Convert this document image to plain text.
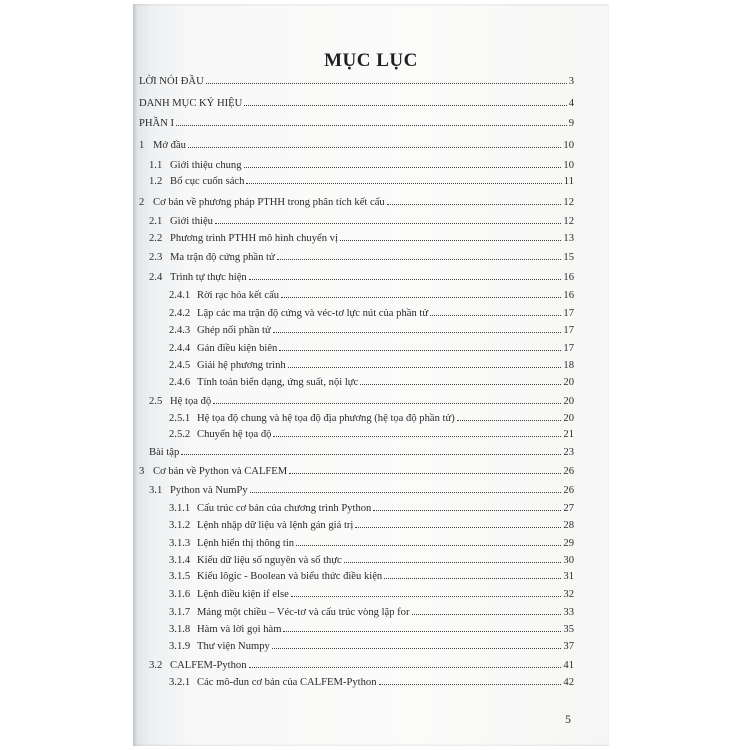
MỤC LỤC
LỜI NÓI ĐẦU	3
DANH MỤC KÝ HIỆU	4
PHẦN I	9
1 Mở đầu	10
1.1 Giới thiệu chung	10
1.2 Bố cục cuốn sách	11
2 Cơ bản về phương pháp PTHH trong phân tích kết cấu	12
2.1 Giới thiệu	12
2.2 Phương trình PTHH mô hình chuyển vị	13
2.3 Ma trận độ cứng phần tử	15
2.4 Trình tự thực hiện	16
2.4.1 Rời rạc hóa kết cấu	16
2.4.2 Lập các ma trận độ cứng và véc-tơ lực nút của phần tử	17
2.4.3 Ghép nối phần tử	17
2.4.4 Gán điều kiện biên	17
2.4.5 Giải hệ phương trình	18
2.4.6 Tính toán biến dạng, ứng suất, nội lực	20
2.5 Hệ tọa độ	20
2.5.1 Hệ tọa độ chung và hệ tọa độ địa phương (hệ tọa độ phần tử)	20
2.5.2 Chuyển hệ tọa độ	21
Bài tập	23
3 Cơ bản về Python và CALFEM	26
3.1 Python và NumPy	26
3.1.1 Cấu trúc cơ bản của chương trình Python	27
3.1.2 Lệnh nhập dữ liệu và lệnh gán giá trị	28
3.1.3 Lệnh hiển thị thông tin	29
3.1.4 Kiểu dữ liệu số nguyên và số thực	30
3.1.5 Kiểu lôgic - Boolean và biểu thức điều kiện	31
3.1.6 Lệnh điều kiện if else	32
3.1.7 Mảng một chiều – Véc-tơ và cấu trúc vòng lặp for	33
3.1.8 Hàm và lời gọi hàm	35
3.1.9 Thư viện Numpy	37
3.2 CALFEM-Python	41
3.2.1 Các mô-đun cơ bản của CALFEM-Python	42
5
